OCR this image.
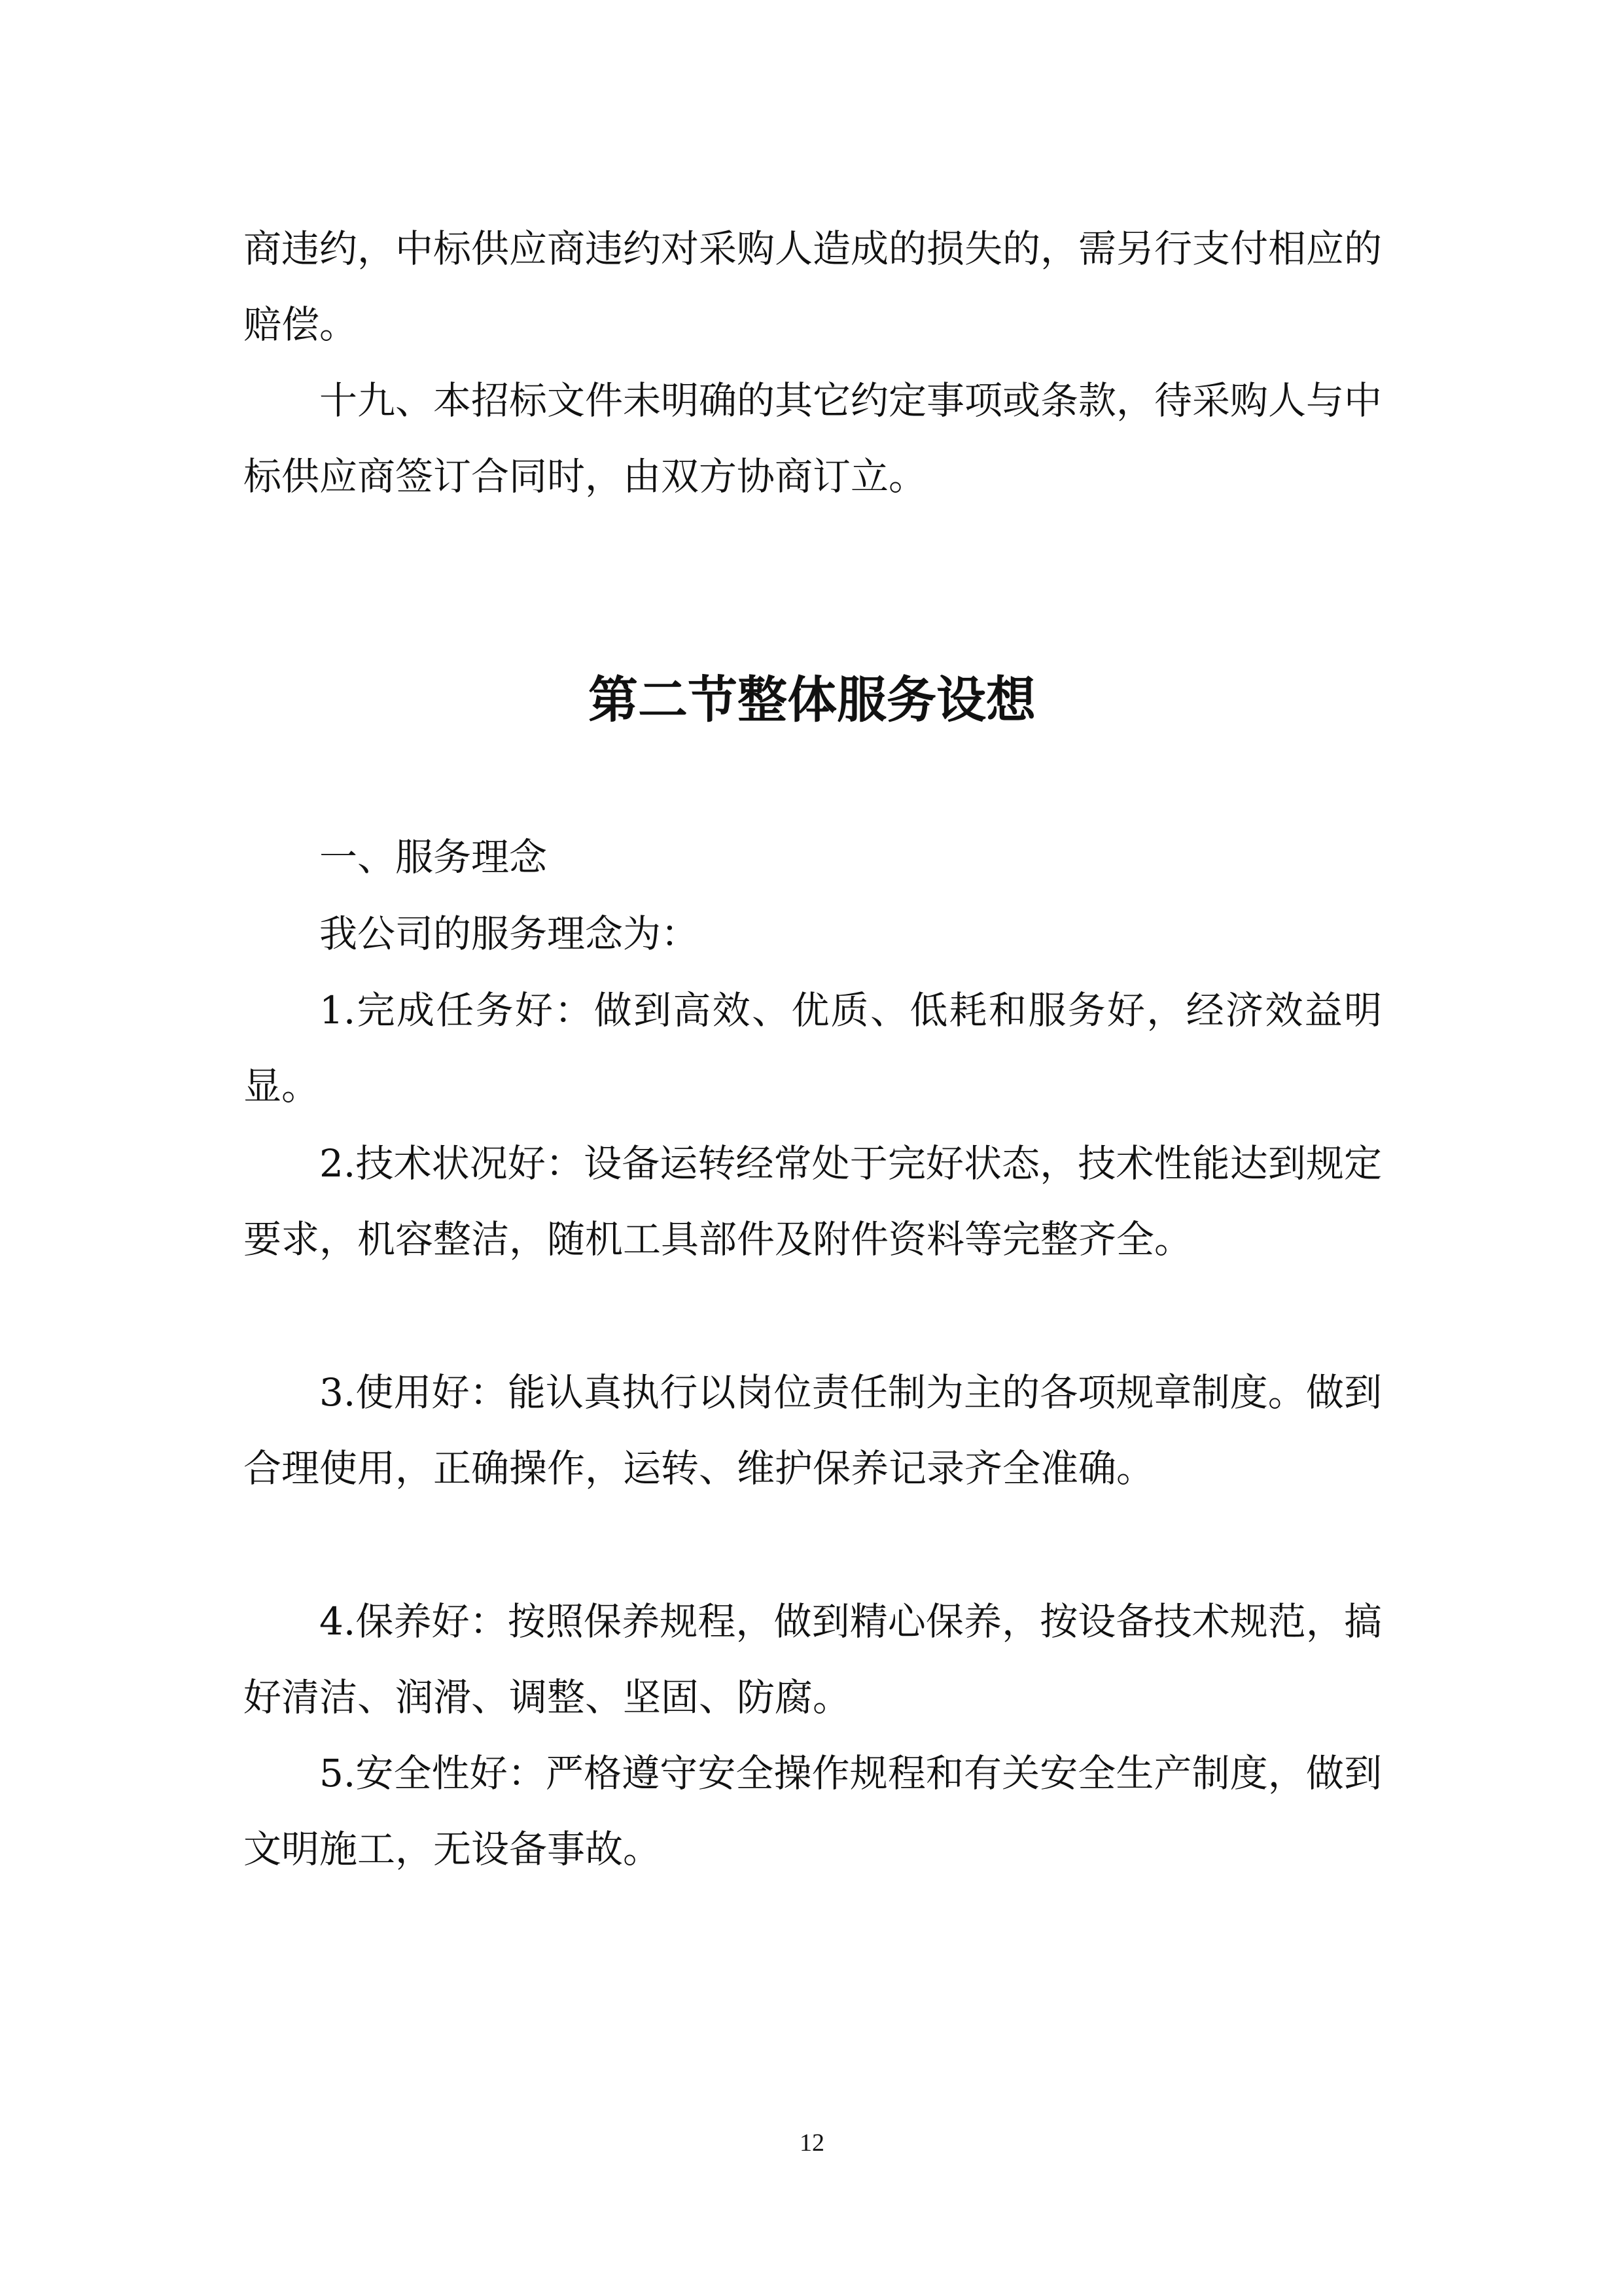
商违约，中标供应商违约对采购人造成的损失的，需另行支付相应的赔偿。

十九、本招标文件未明确的其它约定事项或条款，待采购人与中标供应商签订合同时，由双方协商订立。

第二节整体服务设想

一、服务理念

我公司的服务理念为：

1.完成任务好：做到高效、优质、低耗和服务好，经济效益明显。

2.技术状况好：设备运转经常处于完好状态，技术性能达到规定要求，机容整洁，随机工具部件及附件资料等完整齐全。

3.使用好：能认真执行以岗位责任制为主的各项规章制度。做到合理使用，正确操作，运转、维护保养记录齐全准确。

4.保养好：按照保养规程，做到精心保养，按设备技术规范，搞好清洁、润滑、调整、坚固、防腐。

5.安全性好：严格遵守安全操作规程和有关安全生产制度，做到文明施工，无设备事故。

12
